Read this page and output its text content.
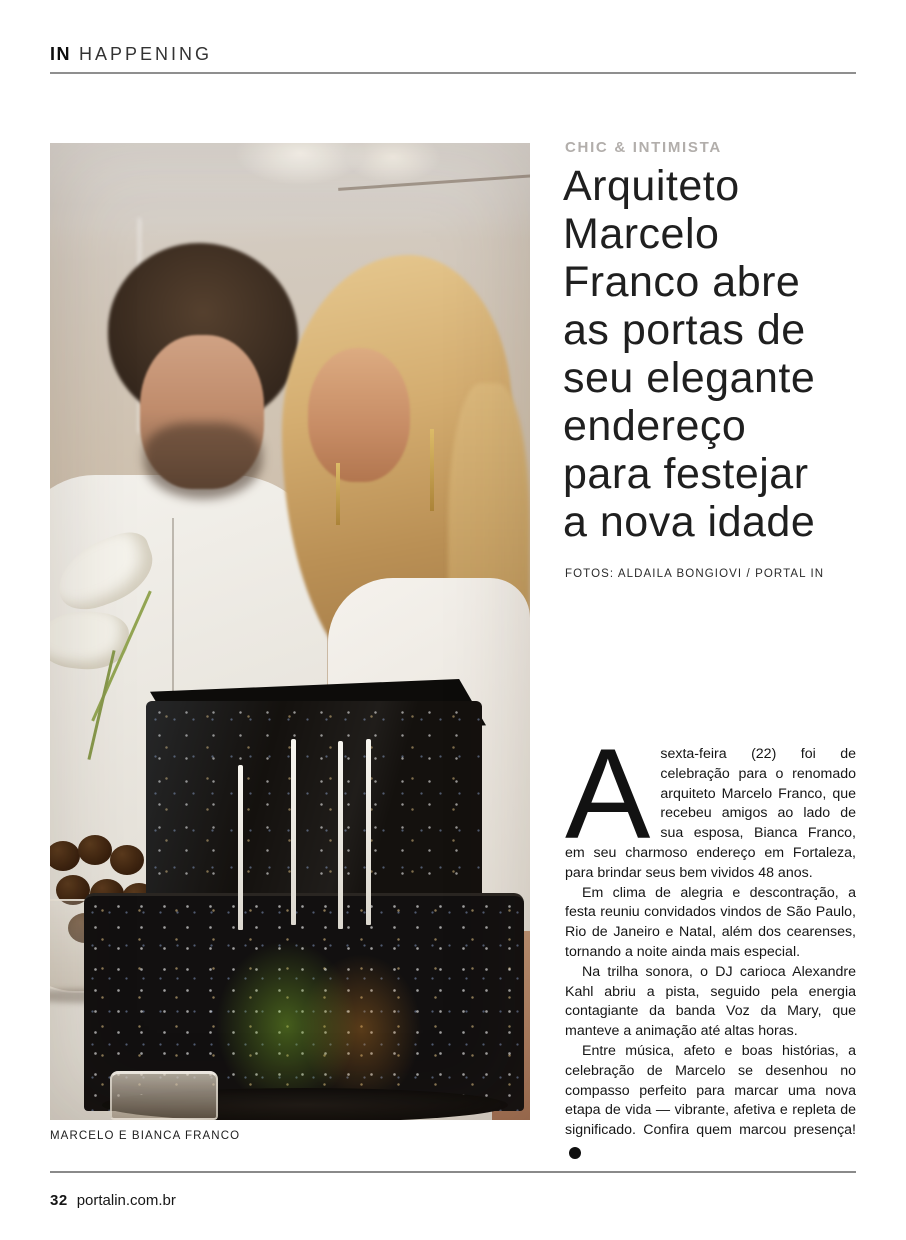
IN HAPPENING
MARCELO E BIANCA FRANCO
CHIC & INTIMISTA
Arquiteto
Marcelo
Franco abre
as portas de
seu elegante
endereço
para festejar
a nova idade
FOTOS: ALDAILA BONGIOVI / PORTAL IN

Asexta-feira (22) foi de celebração para o renomado arquiteto Marcelo Franco, que recebeu amigos ao lado de sua esposa, Bianca Franco, em seu charmoso endereço em Fortaleza, para brindar seus bem vividos 48 anos.

Em clima de alegria e descontração, a festa reuniu convidados vindos de São Paulo, Rio de Janeiro e Natal, além dos cearenses, tornando a noite ainda mais especial.

Na trilha sonora, o DJ carioca Alexandre Kahl abriu a pista, seguido pela energia contagiante da banda Voz da Mary, que manteve a animação até altas horas.

Entre música, afeto e boas histórias, a celebração de Marcelo se desenhou no compasso perfeito para marcar uma nova etapa de vida — vibrante, afetiva e repleta de significado. Confira quem marcou presença!✱

32 portalin.com.br
